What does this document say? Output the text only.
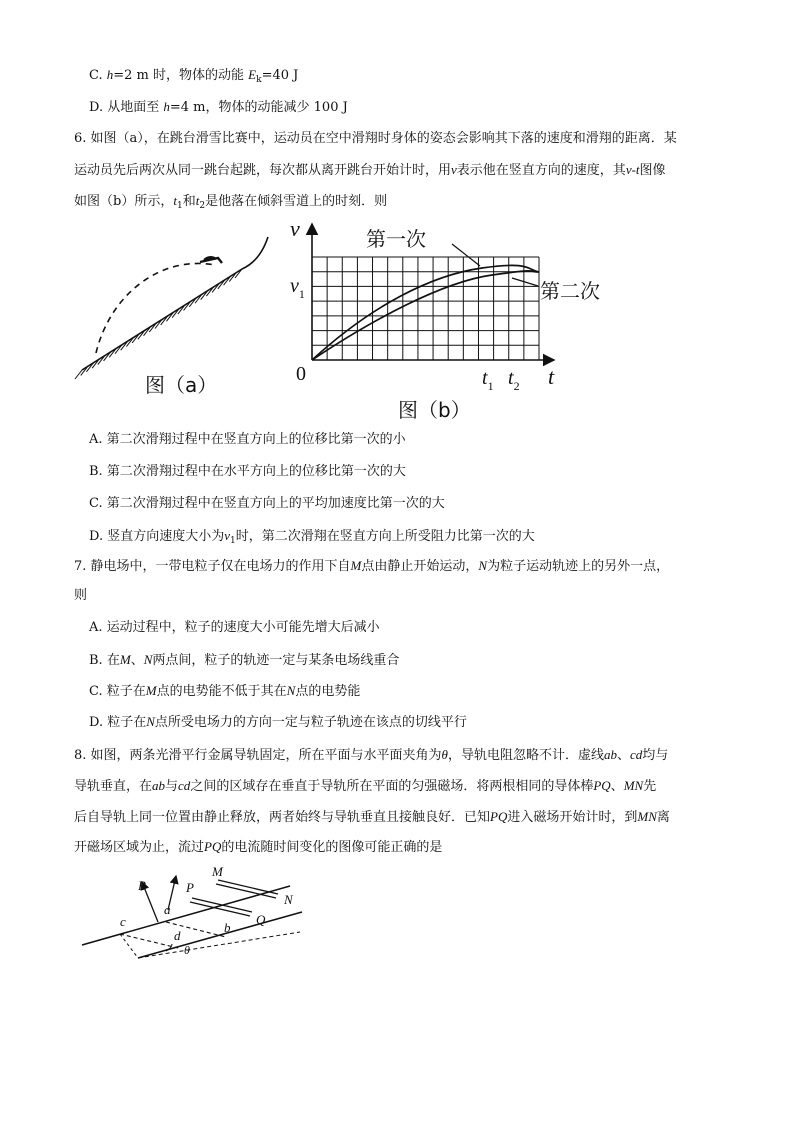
C. h=2 m 时，物体的动能 $E_k=40$ J
D. 从地面至 h=4 m，物体的动能减少 100 J
6. 如图（a），在跳台滑雪比赛中，运动员在空中滑翔时身体的姿态会影响其下落的速度和滑翔的距离．某
运动员先后两次从同一跳台起跳，每次都从离开跳台开始计时，用v表示他在竖直方向的速度，其v-t图像
如图（b）所示，$t_1$和$t_2$是他落在倾斜雪道上的时刻．则
图（a）
v
$v_1$
0	$t_1$ $t_2$ t
第一次
第二次
图（b）
A. 第二次滑翔过程中在竖直方向上的位移比第一次的小
B. 第二次滑翔过程中在水平方向上的位移比第一次的大
C. 第二次滑翔过程中在竖直方向上的平均加速度比第一次的大
D. 竖直方向速度大小为$v_1$时，第二次滑翔在竖直方向上所受阻力比第一次的大
7. 静电场中，一带电粒子仅在电场力的作用下自M点由静止开始运动，N为粒子运动轨迹上的另外一点，
则
A. 运动过程中，粒子的速度大小可能先增大后减小
B. 在M、N两点间，粒子的轨迹一定与某条电场线重合
C. 粒子在M点的电势能不低于其在N点的电势能
D. 粒子在N点所受电场力的方向一定与粒子轨迹在该点的切线平行
8. 如图，两条光滑平行金属导轨固定，所在平面与水平面夹角为θ，导轨电阻忽略不计．虚线ab、cd均与
导轨垂直，在ab与cd之间的区域存在垂直于导轨所在平面的匀强磁场．将两根相同的导体棒PQ、MN先
后自导轨上同一位置由静止释放，两者始终与导轨垂直且接触良好．已知PQ进入磁场开始计时，到MN离
开磁场区域为止，流过PQ的电流随时间变化的图像可能正确的是
B	P
M
Q
N
a
b
c
d
θ
